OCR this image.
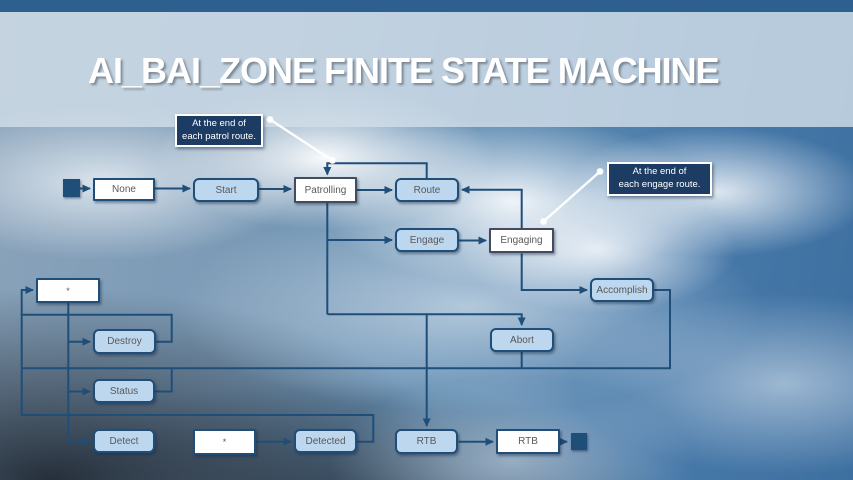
AI_BAI_ZONE FINITE STATE MACHINE
None	Start	Patrolling	Route
Engage	Engaging
Accomplish
Abort
*
Destroy
Status
Detect	*	Detected	RTB	RTB
At the end of
each patrol route.
At the end of
each engage route.
